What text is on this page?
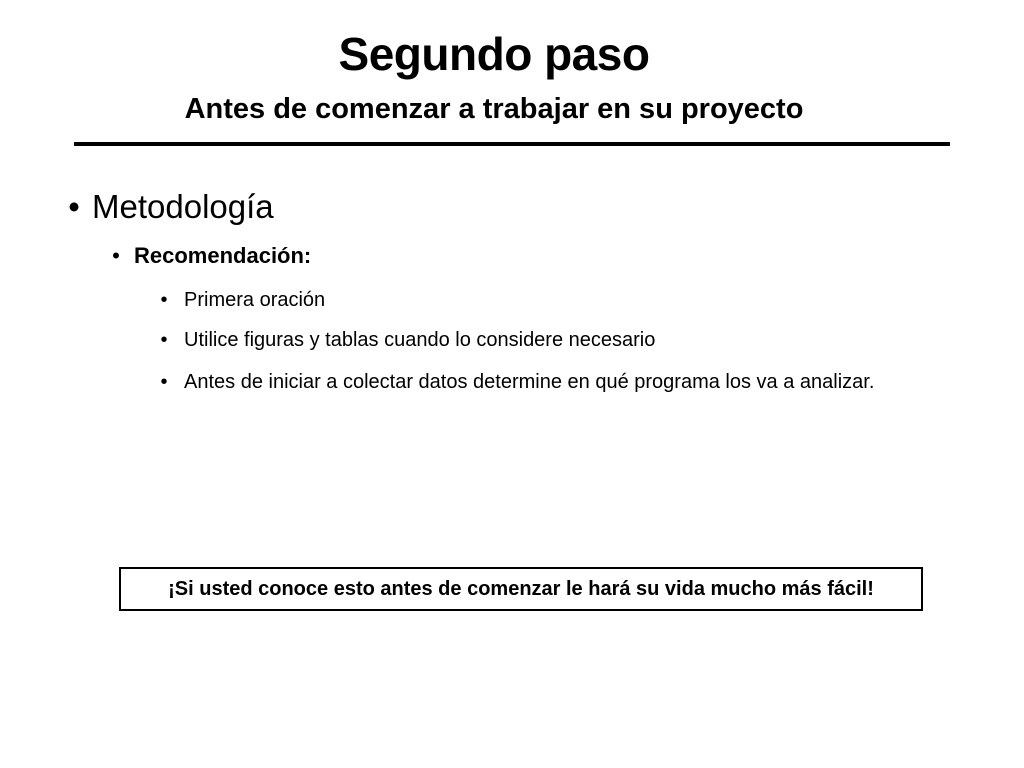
Segundo paso
Antes de comenzar a trabajar en su proyecto
• Metodología
• Recomendación:
• Primera oración
• Utilice figuras y tablas cuando lo considere necesario
• Antes de iniciar a colectar datos determine en qué programa los va a analizar.
¡Si usted conoce esto antes de comenzar le hará su vida mucho más fácil!
